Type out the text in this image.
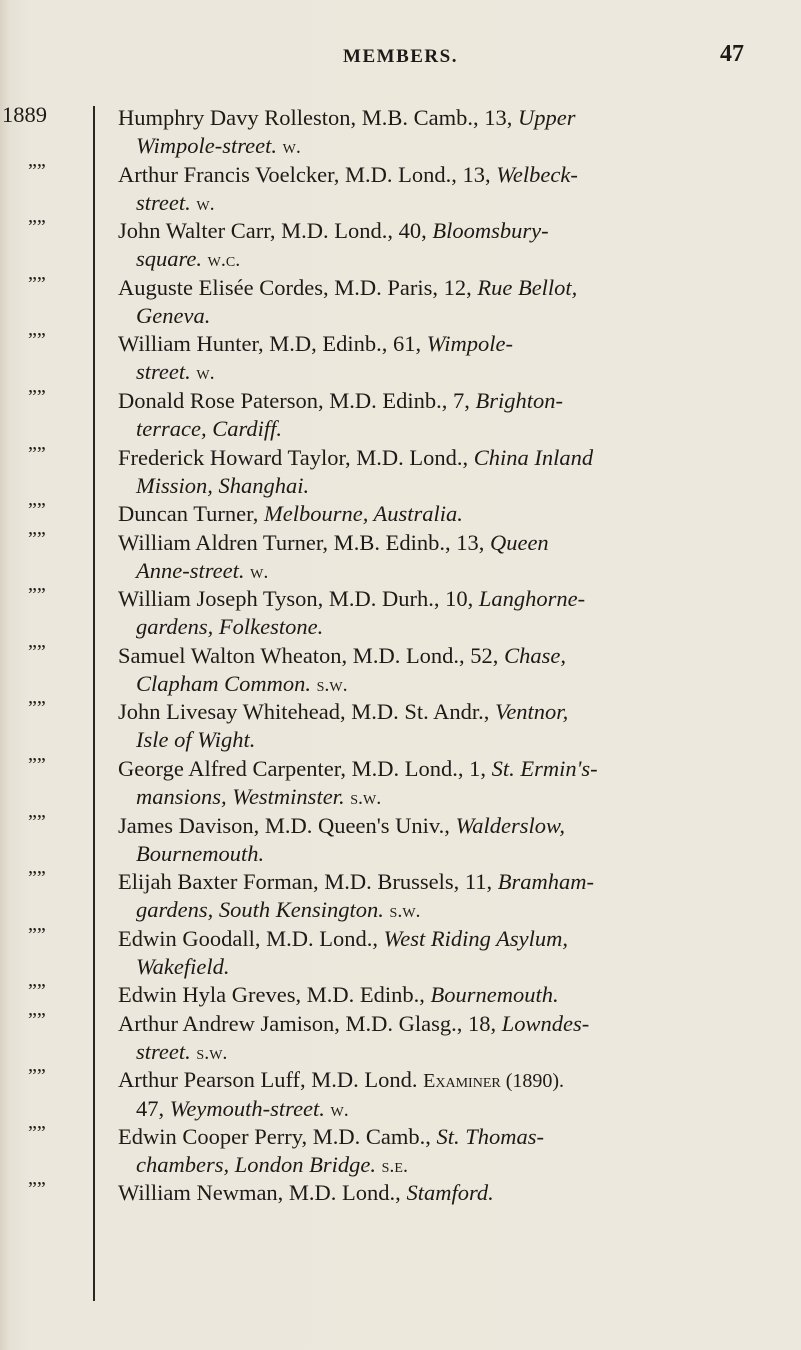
MEMBERS.	47
1889
””
””
””
””
””
””
””
””
””
””
””
””
””
””
””
””
””
””
””
””
Humphry Davy Rolleston, M.B. Camb., 13, Upper
Wimpole-street. w.
Arthur Francis Voelcker, M.D. Lond., 13, Welbeck-
street. w.
John Walter Carr, M.D. Lond., 40, Bloomsbury-
square. w.c.
Auguste Elisée Cordes, M.D. Paris, 12, Rue Bellot,
Geneva.
William Hunter, M.D, Edinb., 61, Wimpole-
street. w.
Donald Rose Paterson, M.D. Edinb., 7, Brighton-
terrace, Cardiff.
Frederick Howard Taylor, M.D. Lond., China Inland
Mission, Shanghai.
Duncan Turner, Melbourne, Australia.
William Aldren Turner, M.B. Edinb., 13, Queen
Anne-street. w.
William Joseph Tyson, M.D. Durh., 10, Langhorne-
gardens, Folkestone.
Samuel Walton Wheaton, M.D. Lond., 52, Chase,
Clapham Common. s.w.
John Livesay Whitehead, M.D. St. Andr., Ventnor,
Isle of Wight.
George Alfred Carpenter, M.D. Lond., 1, St. Ermin's-
mansions, Westminster. s.w.
James Davison, M.D. Queen's Univ., Walderslow,
Bournemouth.
Elijah Baxter Forman, M.D. Brussels, 11, Bramham-
gardens, South Kensington. s.w.
Edwin Goodall, M.D. Lond., West Riding Asylum,
Wakefield.
Edwin Hyla Greves, M.D. Edinb., Bournemouth.
Arthur Andrew Jamison, M.D. Glasg., 18, Lowndes-
street. s.w.
Arthur Pearson Luff, M.D. Lond. Examiner (1890).
47, Weymouth-street. w.
Edwin Cooper Perry, M.D. Camb., St. Thomas-
chambers, London Bridge. s.e.
William Newman, M.D. Lond., Stamford.
